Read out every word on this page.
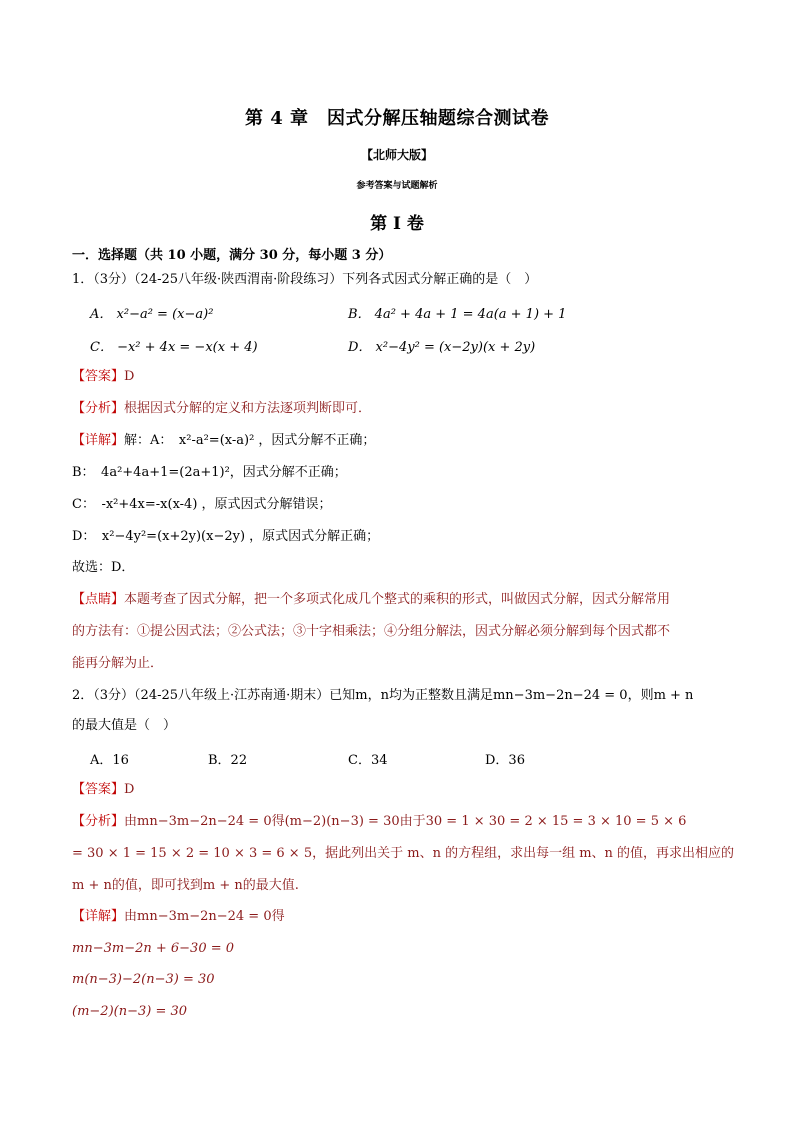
第 4 章　因式分解压轴题综合测试卷
【北师大版】
参考答案与试题解析
第 I 卷
一．选择题（共 10 小题，满分 30 分，每小题 3 分）
1．（3分）（24-25八年级·陕西渭南·阶段练习）下列各式因式分解正确的是（　）
A． x²−a² = (x−a)²	B． 4a² + 4a + 1 = 4a(a + 1) + 1
C． −x² + 4x = −x(x + 4)	D． x²−4y² = (x−2y)(x + 2y)
【答案】D
【分析】根据因式分解的定义和方法逐项判断即可．
【详解】解：A：　x²-a²=(x-a)² ，因式分解不正确；
B：　4a²+4a+1=(2a+1)²，因式分解不正确；
C：　-x²+4x=-x(x-4) ，原式因式分解错误；
D：　x²−4y²=(x+2y)(x−2y) ，原式因式分解正确；
故选：D．
【点睛】本题考查了因式分解，把一个多项式化成几个整式的乘积的形式，叫做因式分解，因式分解常用
的方法有：①提公因式法；②公式法；③十字相乘法；④分组分解法，因式分解必须分解到每个因式都不
能再分解为止．
2．（3分）（24-25八年级上·江苏南通·期末）已知m，n均为正整数且满足mn−3m−2n−24 = 0，则m + n
的最大值是（　）
A．16	B．22	C．34	D．36
【答案】D
【分析】由mn−3m−2n−24 = 0得(m−2)(n−3) = 30由于30 = 1 × 30 = 2 × 15 = 3 × 10 = 5 × 6
= 30 × 1 = 15 × 2 = 10 × 3 = 6 × 5，据此列出关于 m、n 的方程组，求出每一组 m、n 的值，再求出相应的
m + n的值，即可找到m + n的最大值.
【详解】由mn−3m−2n−24 = 0得
mn−3m−2n + 6−30 = 0
m(n−3)−2(n−3) = 30
(m−2)(n−3) = 30
